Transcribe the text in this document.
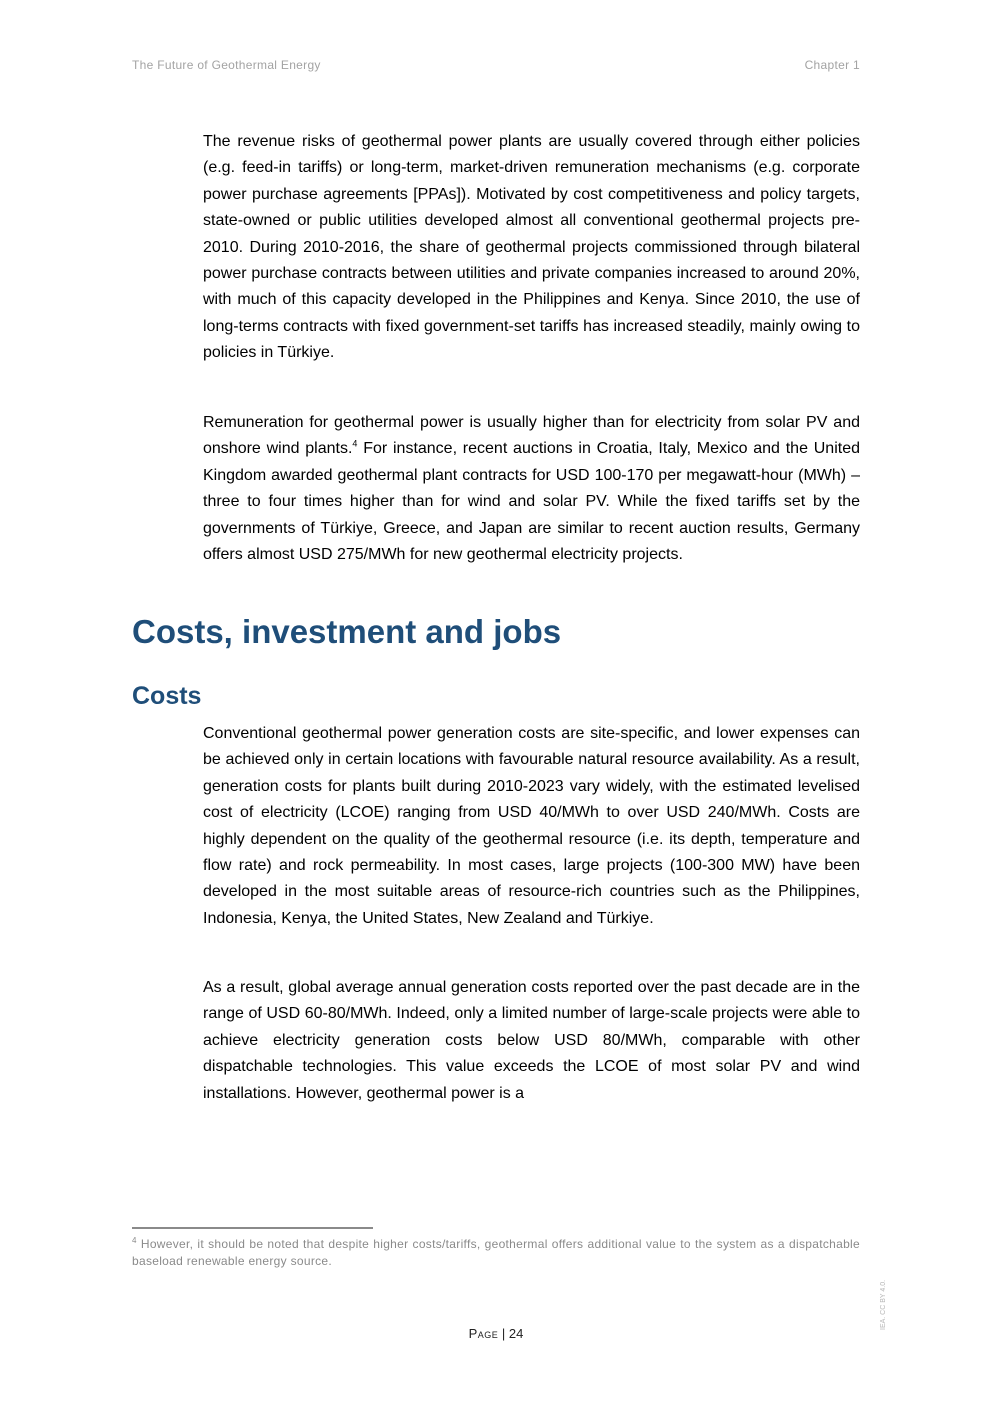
The Future of Geothermal Energy	Chapter 1

The revenue risks of geothermal power plants are usually covered through either policies (e.g. feed-in tariffs) or long-term, market-driven remuneration mechanisms (e.g. corporate power purchase agreements [PPAs]). Motivated by cost competitiveness and policy targets, state-owned or public utilities developed almost all conventional geothermal projects pre-2010. During 2010-2016, the share of geothermal projects commissioned through bilateral power purchase contracts between utilities and private companies increased to around 20%, with much of this capacity developed in the Philippines and Kenya. Since 2010, the use of long-terms contracts with fixed government-set tariffs has increased steadily, mainly owing to policies in Türkiye.

Remuneration for geothermal power is usually higher than for electricity from solar PV and onshore wind plants.$^4$ For instance, recent auctions in Croatia, Italy, Mexico and the United Kingdom awarded geothermal plant contracts for USD 100-170 per megawatt-hour (MWh) – three to four times higher than for wind and solar PV. While the fixed tariffs set by the governments of Türkiye, Greece, and Japan are similar to recent auction results, Germany offers almost USD 275/MWh for new geothermal electricity projects.

Costs, investment and jobs
Costs

Conventional geothermal power generation costs are site-specific, and lower expenses can be achieved only in certain locations with favourable natural resource availability. As a result, generation costs for plants built during 2010-2023 vary widely, with the estimated levelised cost of electricity (LCOE) ranging from USD 40/MWh to over USD 240/MWh. Costs are highly dependent on the quality of the geothermal resource (i.e. its depth, temperature and flow rate) and rock permeability. In most cases, large projects (100-300 MW) have been developed in the most suitable areas of resource-rich countries such as the Philippines, Indonesia, Kenya, the United States, New Zealand and Türkiye.

As a result, global average annual generation costs reported over the past decade are in the range of USD 60-80/MWh. Indeed, only a limited number of large-scale projects were able to achieve electricity generation costs below USD 80/MWh, comparable with other dispatchable technologies. This value exceeds the LCOE of most solar PV and wind installations. However, geothermal power is a

$^4$ However, it should be noted that despite higher costs/tariffs, geothermal offers additional value to the system as a dispatchable baseload renewable energy source.
Page | 24
IEA. CC BY 4.0.
